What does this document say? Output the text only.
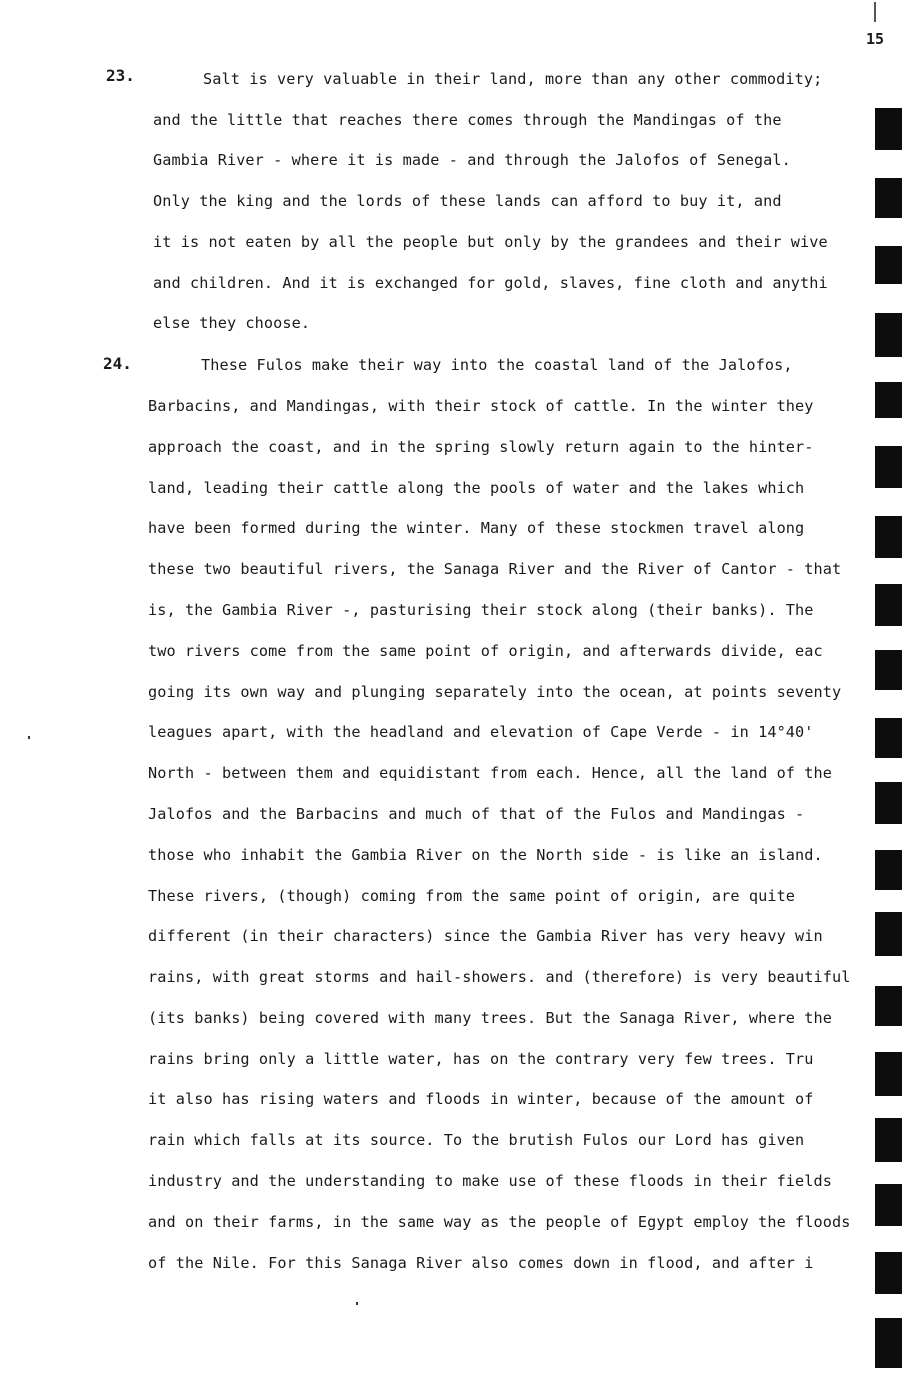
15
23.
24.
Salt is very valuable in their land, more than any other commodity;
and the little that reaches there comes through the Mandingas of the
Gambia River - where it is made - and through the Jalofos of Senegal.
Only the king and the lords of these lands can afford to buy it, and
it is not eaten by all the people but only by the grandees and their wive
and children. And it is exchanged for gold, slaves, fine cloth and anythi
else they choose.
These Fulos make their way into the coastal land of the Jalofos,
Barbacins, and Mandingas, with their stock of cattle. In the winter they
approach the coast, and in the spring slowly return again to the hinter-
land, leading their cattle along the pools of water and the lakes which
have been formed during the winter. Many of these stockmen travel along
these two beautiful rivers, the Sanaga River and the River of Cantor - that
is, the Gambia River -, pasturising their stock along (their banks). The
two rivers come from the same point of origin, and afterwards divide, eac
going its own way and plunging separately into the ocean, at points seventy
leagues apart, with the headland and elevation of Cape Verde - in 14°40'
North - between them and equidistant from each. Hence, all the land of the
Jalofos and the Barbacins and much of that of the Fulos and Mandingas -
those who inhabit the Gambia River on the North side - is like an island.
These rivers, (though) coming from the same point of origin, are quite
different (in their characters) since the Gambia River has very heavy win
rains, with great storms and hail-showers. and (therefore) is very beautiful
(its banks) being covered with many trees. But the Sanaga River, where the
rains bring only a little water, has on the contrary very few trees. Tru
it also has rising waters and floods in winter, because of the amount of
rain which falls at its source. To the brutish Fulos our Lord has given
industry and the understanding to make use of these floods in their fields
and on their farms, in the same way as the people of Egypt employ the floods
of the Nile. For this Sanaga River also comes down in flood, and after i
